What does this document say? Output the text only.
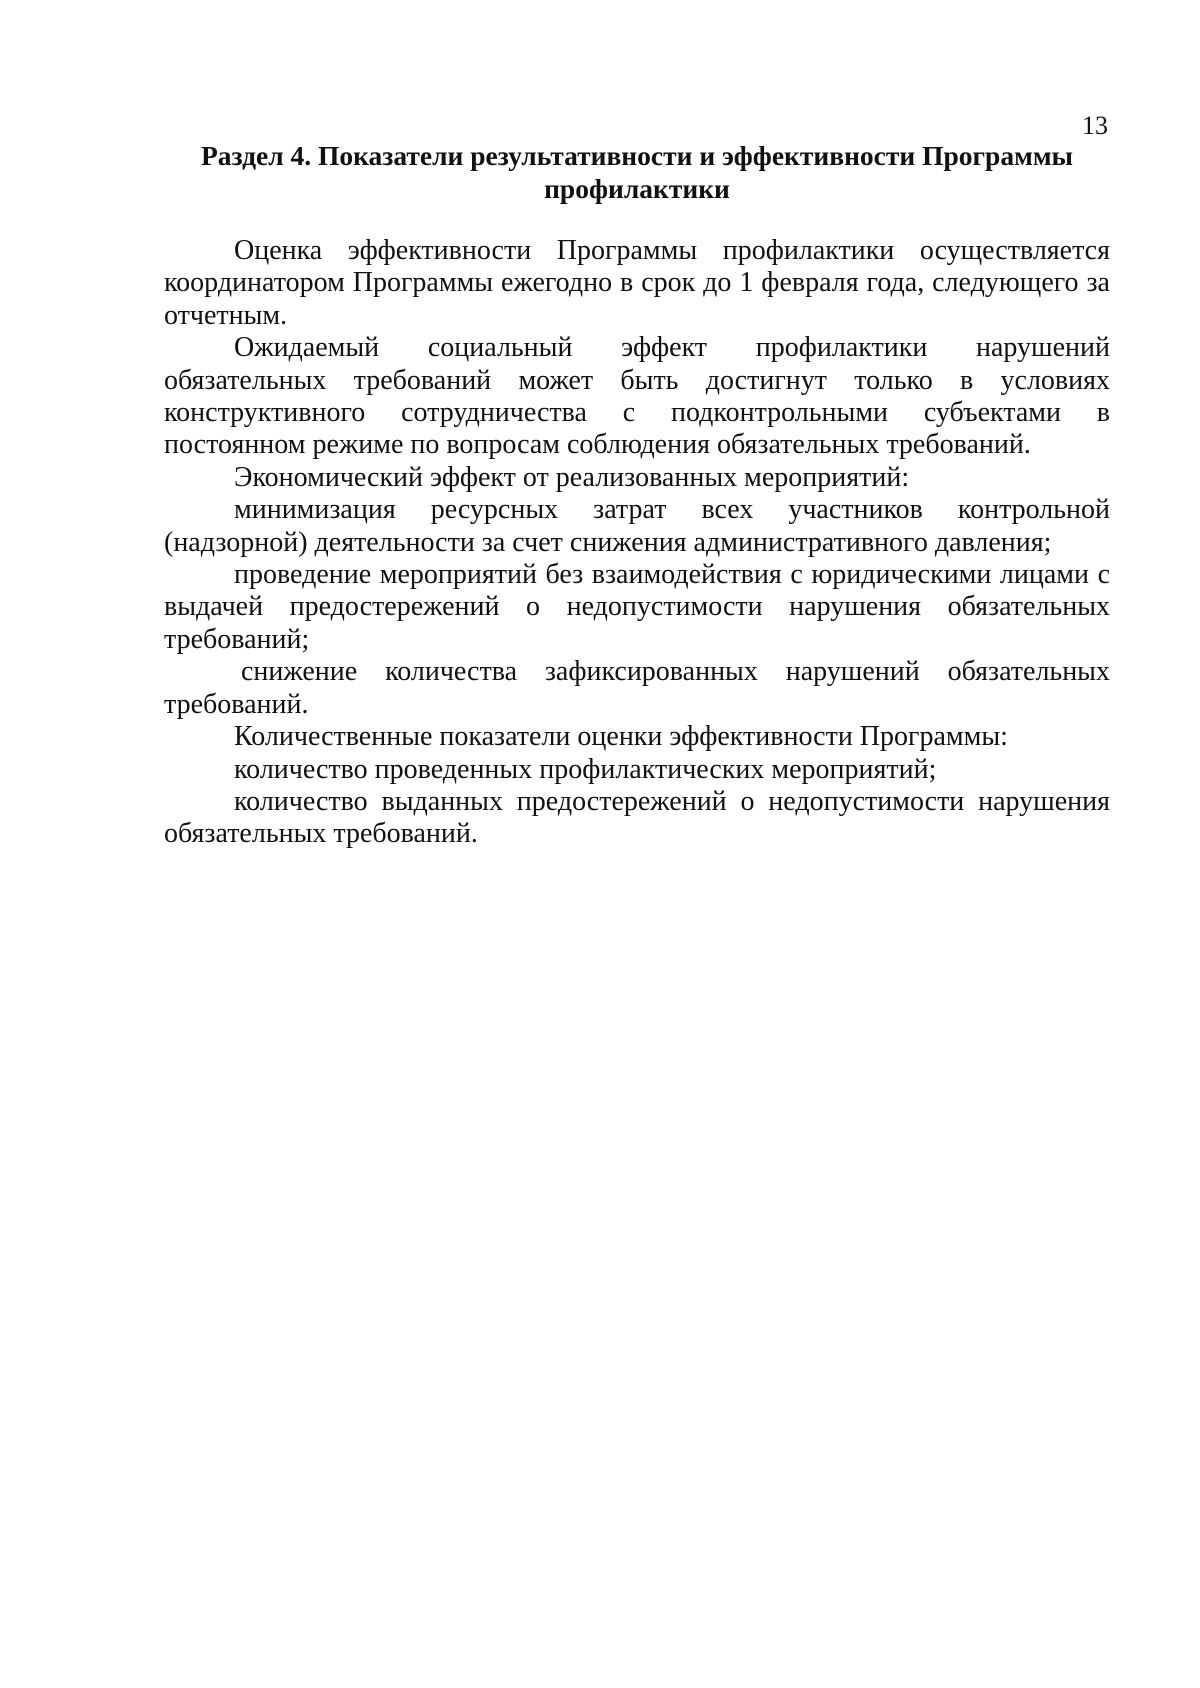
13
Раздел 4. Показатели результативности и эффективности Программы
профилактики

Оценка эффективности Программы профилактики осуществляется координатором Программы ежегодно в срок до 1 февраля года, следующего за отчетным.

Ожидаемый социальный эффект профилактики нарушений обязательных требований может быть достигнут только в условиях конструктивного сотрудничества с подконтрольными субъектами в постоянном режиме по вопросам соблюдения обязательных требований.

Экономический эффект от реализованных мероприятий:

минимизация ресурсных затрат всех участников контрольной (надзорной) деятельности за счет снижения административного давления;

проведение мероприятий без взаимодействия с юридическими лицами с выдачей предостережений о недопустимости нарушения обязательных требований;

снижение количества зафиксированных нарушений обязательных требований.

Количественные показатели оценки эффективности Программы:

количество проведенных профилактических мероприятий;

количество выданных предостережений о недопустимости нарушения обязательных требований.
